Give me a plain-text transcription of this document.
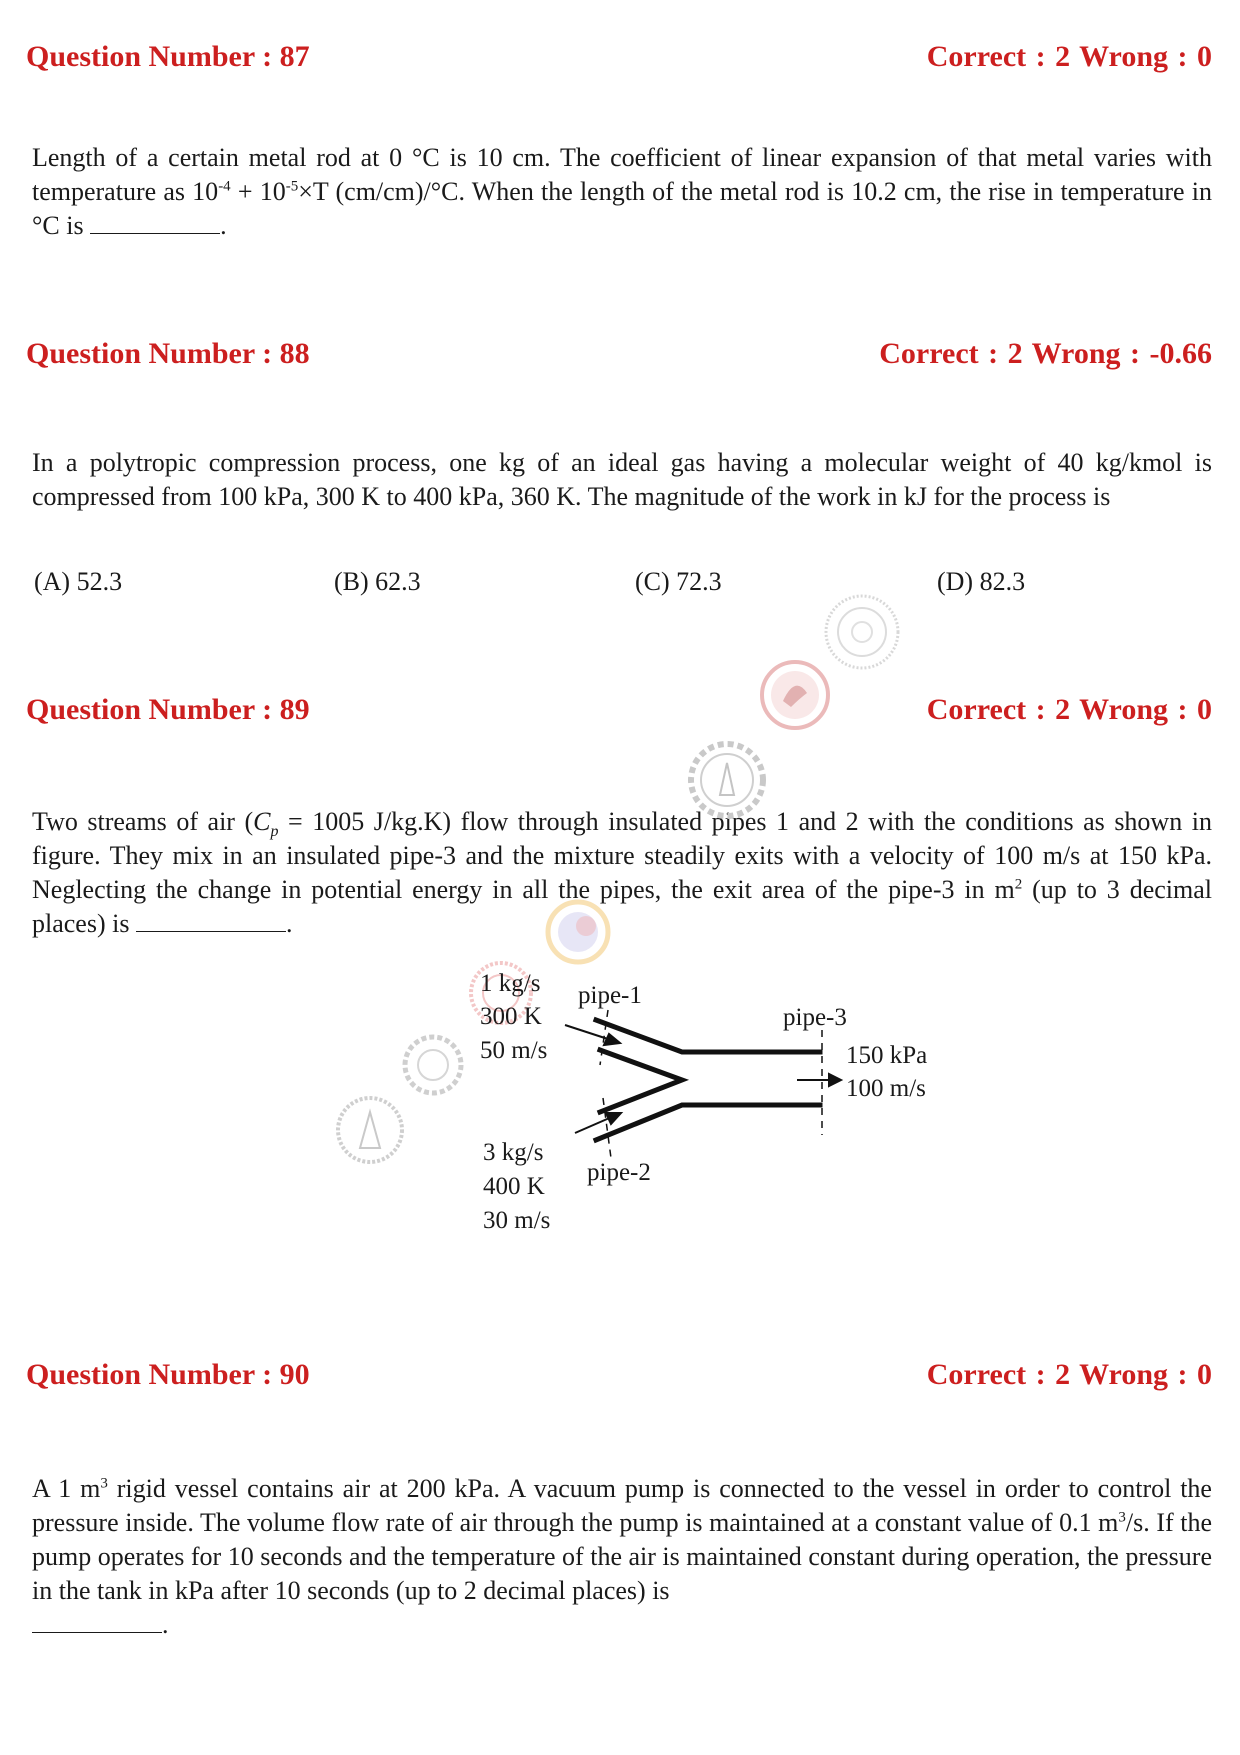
Question Number : 87	Correct : 2 Wrong : 0
Length of a certain metal rod at 0 °C is 10 cm. The coefficient of linear expansion of that metal varies with temperature as $10^{-4} + 10^{-5}\times T$ (cm/cm)/°C. When the length of the metal rod is 10.2 cm, the rise in temperature in °C is	.
Question Number : 88	Correct : 2 Wrong : -0.66
In a polytropic compression process, one kg of an ideal gas having a molecular weight of 40 kg/kmol is compressed from 100 kPa, 300 K to 400 kPa, 360 K. The magnitude of the work in kJ for the process is
(A) 52.3	(B) 62.3	(C) 72.3	(D) 82.3
Question Number : 89	Correct : 2 Wrong : 0
Two streams of air ($C_p = 1005$ J/kg.K) flow through insulated pipes 1 and 2 with the conditions as shown in figure. They mix in an insulated pipe-3 and the mixture steadily exits with a velocity of 100 m/s at 150 kPa. Neglecting the change in potential energy in all the pipes, the exit area of the pipe-3 in $m^2$ (up to 3 decimal places) is	.
1 kg/s
300 K
50 m/s
pipe-1
pipe-3
150 kPa
100 m/s
3 kg/s
400 K
30 m/s
pipe-2
Question Number : 90	Correct : 2 Wrong : 0
A 1 $m^3$ rigid vessel contains air at 200 kPa. A vacuum pump is connected to the vessel in order to control the pressure inside. The volume flow rate of air through the pump is maintained at a constant value of 0.1 $m^3/s$. If the pump operates for 10 seconds and the temperature of the air is maintained constant during operation, the pressure in the tank in kPa after 10 seconds (up to 2 decimal places) is
.
